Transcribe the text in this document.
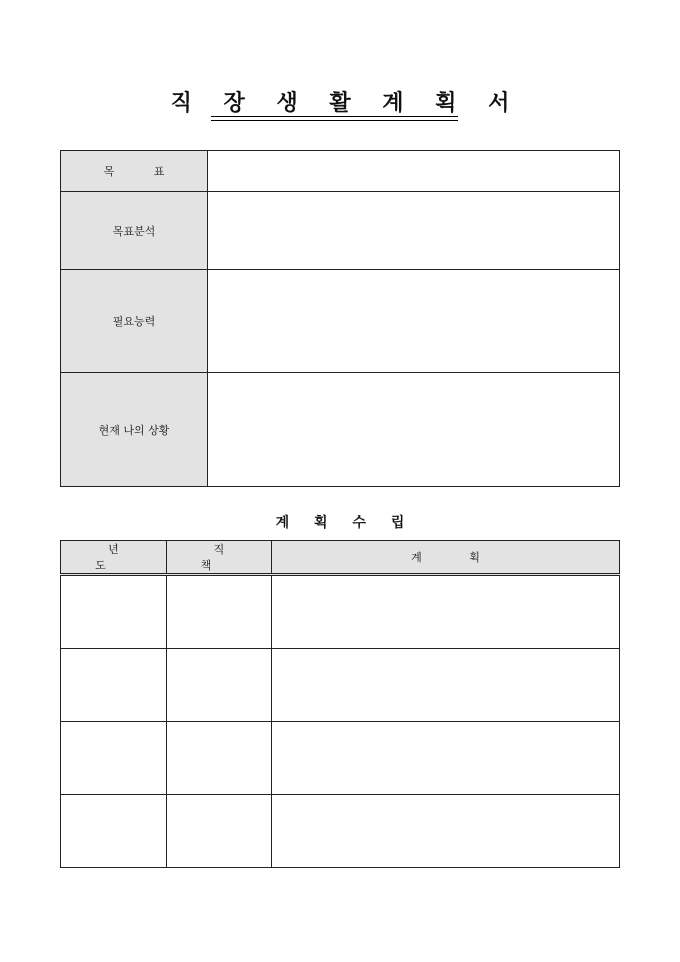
직 장 생 활 계 획 서
목 표	
목표분석	
필요능력	
현재 나의 상황	
계 획 수 립
년 도	직 책	계 획
